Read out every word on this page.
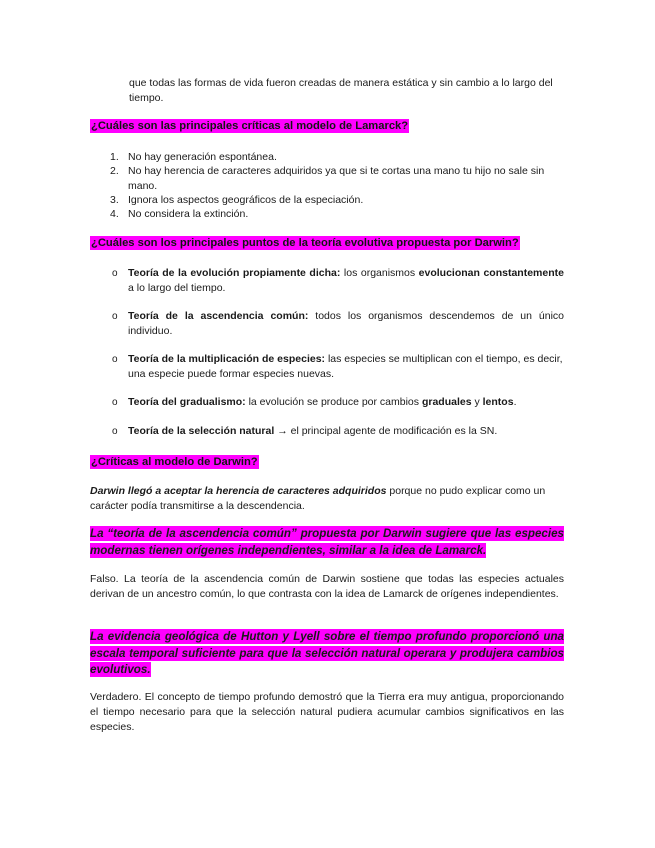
que todas las formas de vida fueron creadas de manera estática y sin cambio a lo largo del tiempo.
¿Cuáles son las principales críticas al modelo de Lamarck?
1. No hay generación espontánea.
2. No hay herencia de caracteres adquiridos ya que si te cortas una mano tu hijo no sale sin mano.
3. Ignora los aspectos geográficos de la especiación.
4. No considera la extinción.
¿Cuáles son los principales puntos de la teoría evolutiva propuesta por Darwin?
o Teoría de la evolución propiamente dicha: los organismos evolucionan constantemente a lo largo del tiempo.
o Teoría de la ascendencia común: todos los organismos descendemos de un único individuo.
o Teoría de la multiplicación de especies: las especies se multiplican con el tiempo, es decir, una especie puede formar especies nuevas.
o Teoría del gradualismo: la evolución se produce por cambios graduales y lentos.
o Teoría de la selección natural → el principal agente de modificación es la SN.
¿Críticas al modelo de Darwin?
Darwin llegó a aceptar la herencia de caracteres adquiridos porque no pudo explicar como un carácter podía transmitirse a la descendencia.
La “teoría de la ascendencia común” propuesta por Darwin sugiere que las especies modernas tienen orígenes independientes, similar a la idea de Lamarck.
Falso. La teoría de la ascendencia común de Darwin sostiene que todas las especies actuales derivan de un ancestro común, lo que contrasta con la idea de Lamarck de orígenes independientes.
La evidencia geológica de Hutton y Lyell sobre el tiempo profundo proporcionó una escala temporal suficiente para que la selección natural operara y produjera cambios evolutivos.
Verdadero. El concepto de tiempo profundo demostró que la Tierra era muy antigua, proporcionando el tiempo necesario para que la selección natural pudiera acumular cambios significativos en las especies.
